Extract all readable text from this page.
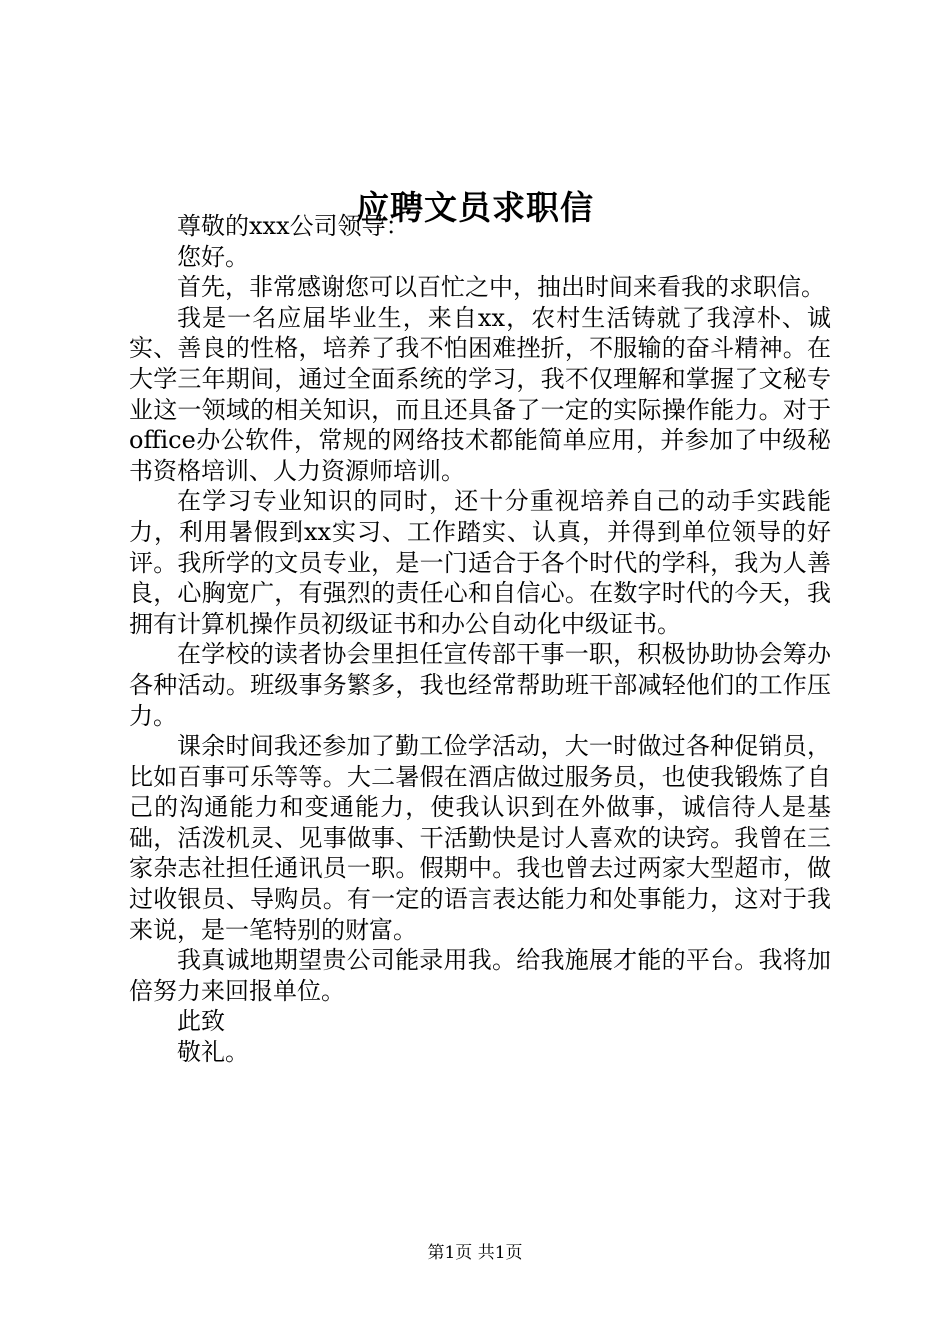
应聘文员求职信

尊敬的xxx公司领导：

您好。

首先，非常感谢您可以百忙之中，抽出时间来看我的求职信。

我是一名应届毕业生，来自xx，农村生活铸就了我淳朴、诚实、善良的性格，培养了我不怕困难挫折，不服输的奋斗精神。在大学三年期间，通过全面系统的学习，我不仅理解和掌握了文秘专业这一领域的相关知识，而且还具备了一定的实际操作能力。对于office办公软件，常规的网络技术都能简单应用，并参加了中级秘书资格培训、人力资源师培训。

在学习专业知识的同时，还十分重视培养自己的动手实践能力，利用暑假到xx实习、工作踏实、认真，并得到单位领导的好评。我所学的文员专业，是一门适合于各个时代的学科，我为人善良，心胸宽广，有强烈的责任心和自信心。在数字时代的今天，我拥有计算机操作员初级证书和办公自动化中级证书。

在学校的读者协会里担任宣传部干事一职，积极协助协会筹办各种活动。班级事务繁多，我也经常帮助班干部减轻他们的工作压力。

课余时间我还参加了勤工俭学活动，大一时做过各种促销员，比如百事可乐等等。大二暑假在酒店做过服务员，也使我锻炼了自己的沟通能力和变通能力，使我认识到在外做事，诚信待人是基础，活泼机灵、见事做事、干活勤快是讨人喜欢的诀窍。我曾在三家杂志社担任通讯员一职。假期中。我也曾去过两家大型超市，做过收银员、导购员。有一定的语言表达能力和处事能力，这对于我来说，是一笔特别的财富。

我真诚地期望贵公司能录用我。给我施展才能的平台。我将加倍努力来回报单位。

此致

敬礼。

第1页 共1页
